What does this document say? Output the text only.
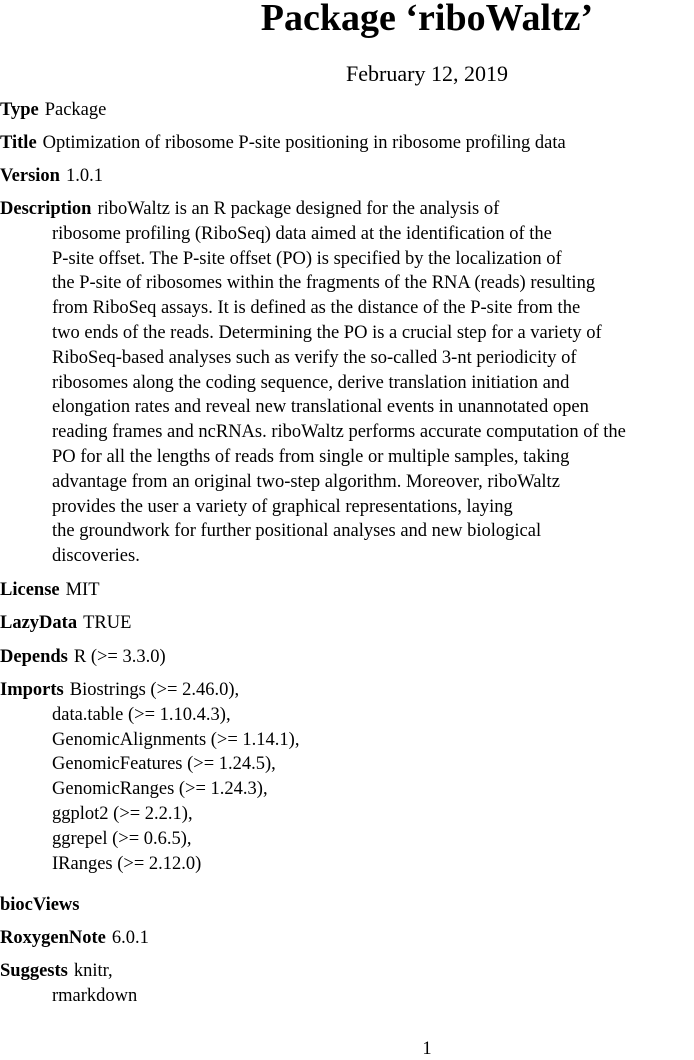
Package ‘riboWaltz’
February 12, 2019
Type Package
Title Optimization of ribosome P-site positioning in ribosome profiling data
Version 1.0.1
Description riboWaltz is an R package designed for the analysis of
ribosome profiling (RiboSeq) data aimed at the identification of the
P-site offset. The P-site offset (PO) is specified by the localization of
the P-site of ribosomes within the fragments of the RNA (reads) resulting
from RiboSeq assays. It is defined as the distance of the P-site from the
two ends of the reads. Determining the PO is a crucial step for a variety of
RiboSeq-based analyses such as verify the so-called 3-nt periodicity of
ribosomes along the coding sequence, derive translation initiation and
elongation rates and reveal new translational events in unannotated open
reading frames and ncRNAs. riboWaltz performs accurate computation of the
PO for all the lengths of reads from single or multiple samples, taking
advantage from an original two-step algorithm. Moreover, riboWaltz
provides the user a variety of graphical representations, laying
the groundwork for further positional analyses and new biological
discoveries.
License MIT
LazyData TRUE
Depends R (>= 3.3.0)
Imports Biostrings (>= 2.46.0),
data.table (>= 1.10.4.3),
GenomicAlignments (>= 1.14.1),
GenomicFeatures (>= 1.24.5),
GenomicRanges (>= 1.24.3),
ggplot2 (>= 2.2.1),
ggrepel (>= 0.6.5),
IRanges (>= 2.12.0)
biocViews
RoxygenNote 6.0.1
Suggests knitr,
rmarkdown
1
